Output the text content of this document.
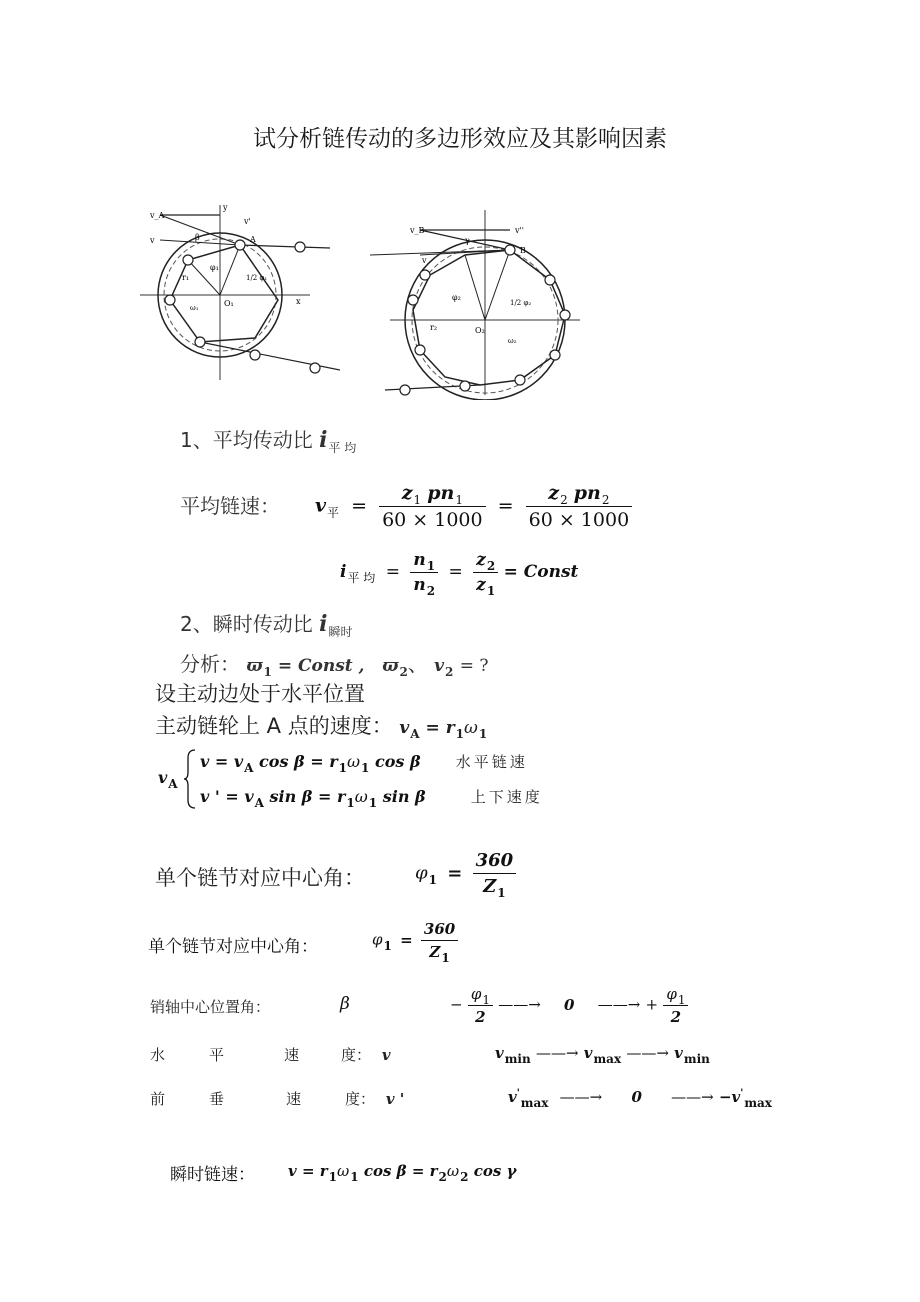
试分析链传动的多边形效应及其影响因素
v_A
v'
v
y
A
β
φ₁
1/2 φ₁
r₁
O₁	x
ω₁
v_B	v''
v
B
γ
φ₂
1/2 φ₂
r₂	O₂
ω₂
1、平均传动比 $i_{平 均}$
平均链速： $v_平 = \frac{z_1 pn_1}{60 \times 1000} = \frac{z_2 pn_2}{60 \times 1000}$
$i_{平 均} = \frac{n_1}{n_2} = \frac{z_2}{z_1}$ = Const
2、瞬时传动比 $i_{瞬时}$
分析： $ϖ_1$ = Const , $ϖ_2$、 $v_2$ = ?
设主动边处于水平位置
主动链轮上 A 点的速度： $v_A = r_1\omega_1$
$v_A$
$v = v_A$ $\cos \beta = r_1\omega_1$ cos β 水平链速
v ' = $v_A$ $\sin \beta = r_1\omega_1$ sin β	上下速度
单个链节对应中心角：	$\varphi_1 = \frac{360}{Z_1}$
单个链节对应中心角：	$\varphi_1 = \frac{360}{Z_1}$
销轴中心位置角：	β	− $\frac{\varphi_1}{2}$ ——→ 0 ——→ + $\frac{\varphi_1}{2}$
水	平	速	度： v	$v_{min}$ ——→ $v_{max}$ ——→ $v_{min}$
前	垂	速	度： v '	$v'_{max}$ ——→ 0 ——→ $-v'_{max}$
瞬时链速： $v = r_1\omega_1$ $\cos \beta = r_2\omega_2$ cos γ
